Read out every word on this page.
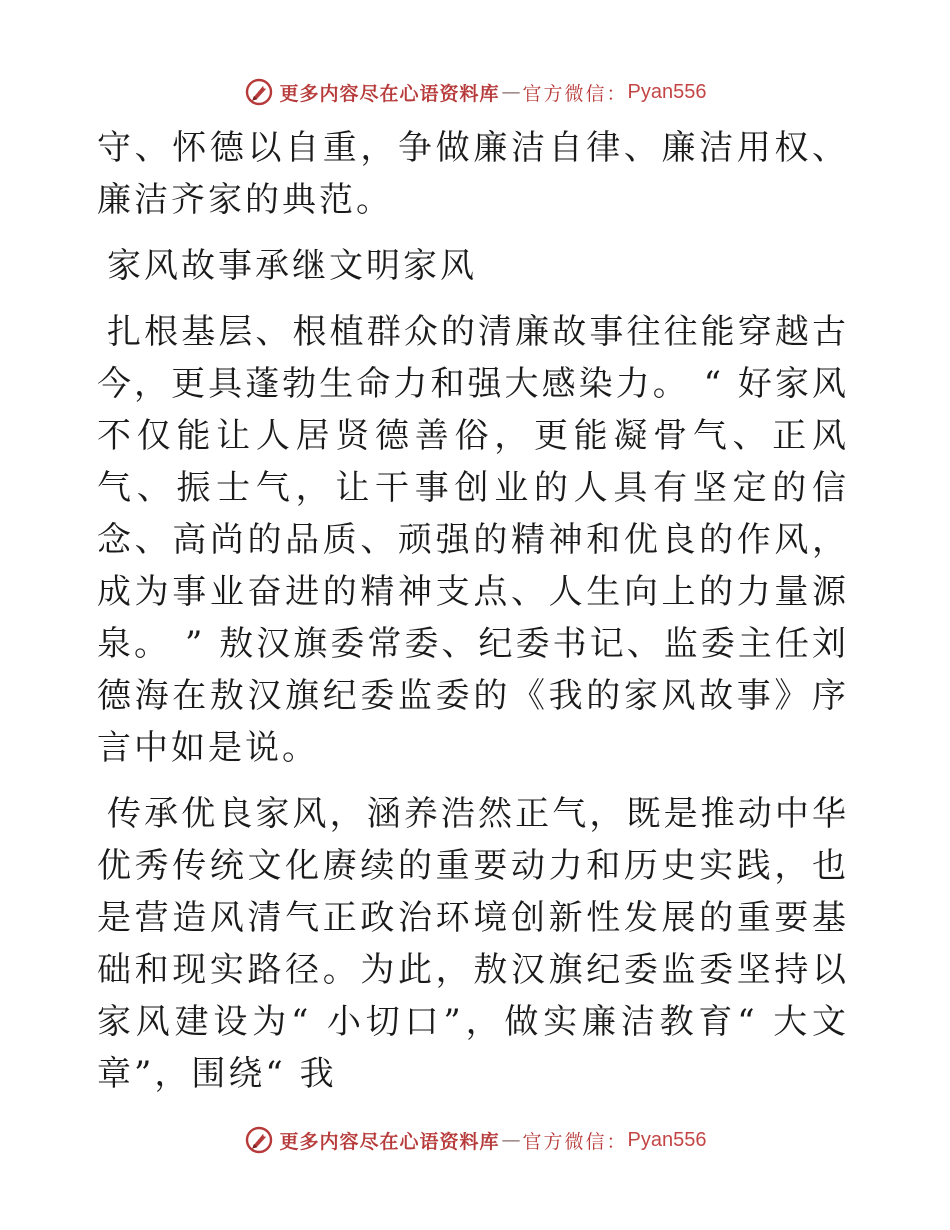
更多内容尽在心语资料库 — 官方微信： Pyan556

守、怀德以自重，争做廉洁自律、廉洁用权、廉洁齐家的典范。

家风故事承继文明家风

扎根基层、根植群众的清廉故事往往能穿越古今，更具蓬勃生命力和强大感染力。 “ 好家风不仅能让人居贤德善俗，更能凝骨气、正风气、振士气，让干事创业的人具有坚定的信念、高尚的品质、顽强的精神和优良的作风，成为事业奋进的精神支点、人生向上的力量源泉。 ” 敖汉旗委常委、纪委书记、监委主任刘德海在敖汉旗纪委监委的《我的家风故事》序言中如是说。

传承优良家风，涵养浩然正气，既是推动中华优秀传统文化赓续的重要动力和历史实践，也是营造风清气正政治环境创新性发展的重要基础和现实路径。为此，敖汉旗纪委监委坚持以家风建设为“ 小切口”，做实廉洁教育“ 大文章”，围绕“ 我

更多内容尽在心语资料库 — 官方微信： Pyan556
